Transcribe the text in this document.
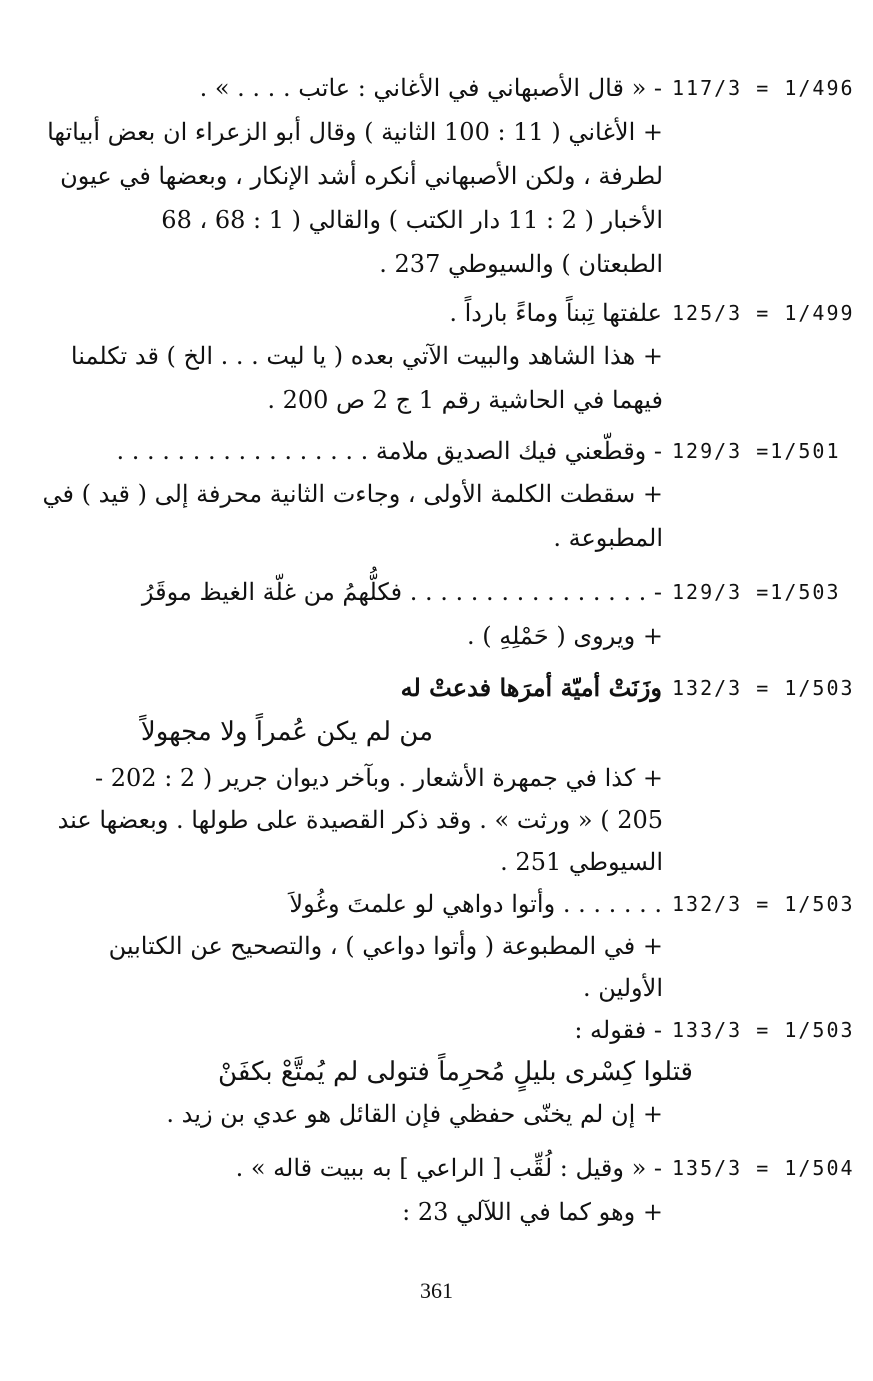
117/3 = 1/496
- « قال الأصبهاني في الأغاني : عاتب . . . . » .
+ الأغاني ( 11 : 100 الثانية ) وقال أبو الزعراء ان بعض أبياتها
لطرفة ، ولكن الأصبهاني أنكره أشد الإنكار ، وبعضها في عيون
الأخبار ( 2 : 11 دار الكتب ) والقالي ( 1 : 68 ، 68
الطبعتان ) والسيوطي 237 .
125/3 = 1/499
علفتها تِبناً وماءً بارداً .
+ هذا الشاهد والبيت الآتي بعده ( يا ليت . . . الخ ) قد تكلمنا
فيهما في الحاشية رقم 1 ج 2 ص 200 .
129/3 =1/501
- وقطّعني فيك الصديق ملامة . . . . . . . . . . . . . . . . .
+ سقطت الكلمة الأولى ، وجاءت الثانية محرفة إلى ( قيد ) في
المطبوعة .
129/3 =1/503
- . . . . . . . . . . . . . . . . فكلُّهمُ من غلّة الغيظ موقَرُ
+ ويروى ( حَمْلِهِ ) .
132/3 = 1/503
وزَنَتْ أميّة أمرَها فدعتْ له
من لم يكن عُمراً ولا مجهولاً
+ كذا في جمهرة الأشعار . وبآخر ديوان جرير ( 2 : 202 -
205 ) « ورثت » . وقد ذكر القصيدة على طولها . وبعضها عند
السيوطي 251 .
132/3 = 1/503
. . . . . . . وأتوا دواهي لو علمتَ وغُولاَ
+ في المطبوعة ( وأتوا دواعي ) ، والتصحيح عن الكتابين
الأولين .
133/3 = 1/503
- فقوله :
قتلوا كِسْرى بليلٍ مُحرِماً فتولى لم يُمتَّعْ بكفَنْ
+ إن لم يخنّى حفظي فإن القائل هو عدي بن زيد .
135/3 = 1/504
- « وقيل : لُقِّب [ الراعي ] به ببيت قاله » .
+ وهو كما في اللآلي 23 :
361
